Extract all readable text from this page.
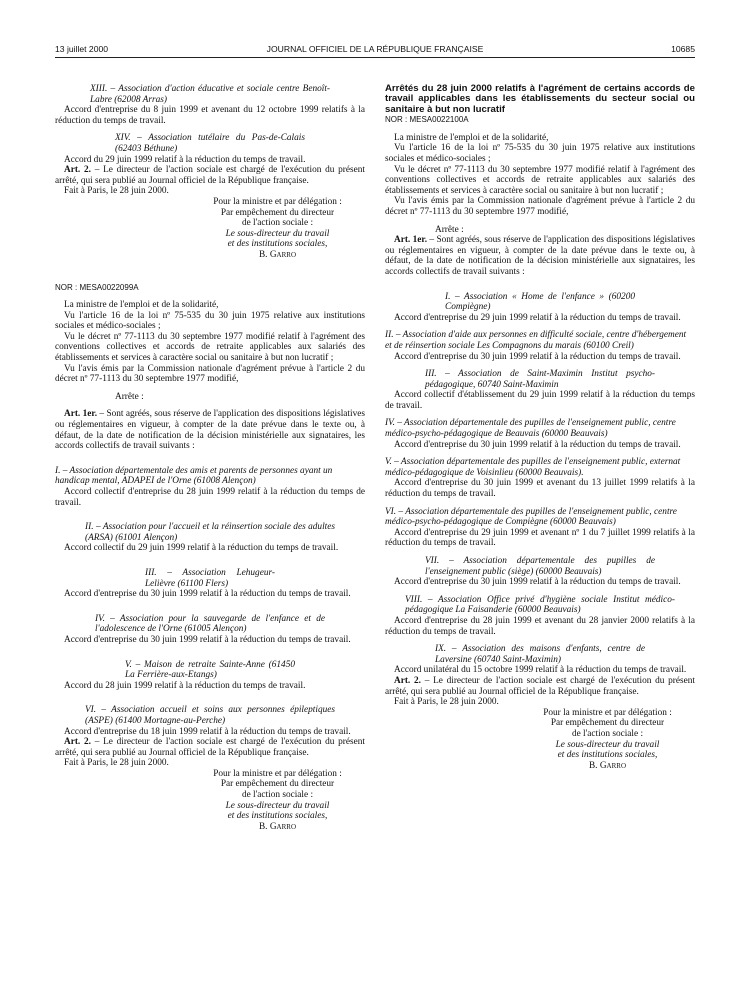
13 juillet 2000	JOURNAL OFFICIEL DE LA RÉPUBLIQUE FRANÇAISE	10685

XIII. – Association d'action éducative et sociale centre Benoît-Labre (62008 Arras)

Accord d'entreprise du 8 juin 1999 et avenant du 12 octobre 1999 relatifs à la réduction du temps de travail.

XIV. – Association tutélaire du Pas-de-Calais (62403 Béthune)

Accord du 29 juin 1999 relatif à la réduction du temps de travail.

Art. 2. – Le directeur de l'action sociale est chargé de l'exécution du présent arrêté, qui sera publié au Journal officiel de la République française.

Fait à Paris, le 28 juin 2000.

Pour la ministre et par délégation :
Par empêchement du directeur
de l'action sociale :
Le sous-directeur du travail
et des institutions sociales,
B. Garro

NOR : MESA0022099A

La ministre de l'emploi et de la solidarité,

Vu l'article 16 de la loi nº 75-535 du 30 juin 1975 relative aux institutions sociales et médico-sociales ;

Vu le décret nº 77-1113 du 30 septembre 1977 modifié relatif à l'agrément des conventions collectives et accords de retraite applicables aux salariés des établissements et services à caractère social ou sanitaire à but non lucratif ;

Vu l'avis émis par la Commission nationale d'agrément prévue à l'article 2 du décret nº 77-1113 du 30 septembre 1977 modifié,

Arrête :

Art. 1er. – Sont agréés, sous réserve de l'application des dispositions législatives ou réglementaires en vigueur, à compter de la date prévue dans le texte ou, à défaut, de la date de notification de la décision ministérielle aux signataires, les accords collectifs de travail suivants :

I. – Association départementale des amis et parents de personnes ayant un handicap mental, ADAPEI de l'Orne (61008 Alençon)

Accord collectif d'entreprise du 28 juin 1999 relatif à la réduction du temps de travail.

II. – Association pour l'accueil et la réinsertion sociale des adultes (ARSA) (61001 Alençon)

Accord collectif du 29 juin 1999 relatif à la réduction du temps de travail.

III. – Association Lehugeur-Lelièvre (61100 Flers)

Accord d'entreprise du 30 juin 1999 relatif à la réduction du temps de travail.

IV. – Association pour la sauvegarde de l'enfance et de l'adolescence de l'Orne (61005 Alençon)

Accord d'entreprise du 30 juin 1999 relatif à la réduction du temps de travail.

V. – Maison de retraite Sainte-Anne (61450 La Ferrière-aux-Etangs)

Accord du 28 juin 1999 relatif à la réduction du temps de travail.

VI. – Association accueil et soins aux personnes épileptiques (ASPE) (61400 Mortagne-au-Perche)

Accord d'entreprise du 18 juin 1999 relatif à la réduction du temps de travail.

Art. 2. – Le directeur de l'action sociale est chargé de l'exécution du présent arrêté, qui sera publié au Journal officiel de la République française.

Fait à Paris, le 28 juin 2000.

Pour la ministre et par délégation :
Par empêchement du directeur
de l'action sociale :
Le sous-directeur du travail
et des institutions sociales,
B. Garro

Arrêtés du 28 juin 2000 relatifs à l'agrément de certains accords de travail applicables dans les établissements du secteur social ou sanitaire à but non lucratif

NOR : MESA0022100A

La ministre de l'emploi et de la solidarité,

Vu l'article 16 de la loi nº 75-535 du 30 juin 1975 relative aux institutions sociales et médico-sociales ;

Vu le décret nº 77-1113 du 30 septembre 1977 modifié relatif à l'agrément des conventions collectives et accords de retraite applicables aux salariés des établissements et services à caractère social ou sanitaire à but non lucratif ;

Vu l'avis émis par la Commission nationale d'agrément prévue à l'article 2 du décret nº 77-1113 du 30 septembre 1977 modifié,

Arrête :

Art. 1er. – Sont agréés, sous réserve de l'application des dispositions législatives ou réglementaires en vigueur, à compter de la date prévue dans le texte ou, à défaut, de la date de notification de la décision ministérielle aux signataires, les accords collectifs de travail suivants :

I. – Association « Home de l'enfance » (60200 Compiègne)

Accord d'entreprise du 29 juin 1999 relatif à la réduction du temps de travail.

II. – Association d'aide aux personnes en difficulté sociale, centre d'hébergement et de réinsertion sociale Les Compagnons du marais (60100 Creil)

Accord d'entreprise du 30 juin 1999 relatif à la réduction du temps de travail.

III. – Association de Saint-Maximin Institut psycho-pédagogique, 60740 Saint-Maximin

Accord collectif d'établissement du 29 juin 1999 relatif à la réduction du temps de travail.

IV. – Association départementale des pupilles de l'enseignement public, centre médico-psycho-pédagogique de Beauvais (60000 Beauvais)

Accord d'entreprise du 30 juin 1999 relatif à la réduction du temps de travail.

V. – Association départementale des pupilles de l'enseignement public, externat médico-pédagogique de Voisinlieu (60000 Beauvais).

Accord d'entreprise du 30 juin 1999 et avenant du 13 juillet 1999 relatifs à la réduction du temps de travail.

VI. – Association départementale des pupilles de l'enseignement public, centre médico-psycho-pédagogique de Compiègne (60000 Beauvais)

Accord d'entreprise du 29 juin 1999 et avenant nº 1 du 7 juillet 1999 relatifs à la réduction du temps de travail.

VII. – Association départementale des pupilles de l'enseignement public (siège) (60000 Beauvais)

Accord d'entreprise du 30 juin 1999 relatif à la réduction du temps de travail.

VIII. – Association Office privé d'hygiène sociale Institut médico-pédagogique La Faisanderie (60000 Beauvais)

Accord d'entreprise du 28 juin 1999 et avenant du 28 janvier 2000 relatifs à la réduction du temps de travail.

IX. – Association des maisons d'enfants, centre de Laversine (60740 Saint-Maximin)

Accord unilatéral du 15 octobre 1999 relatif à la réduction du temps de travail.

Art. 2. – Le directeur de l'action sociale est chargé de l'exécution du présent arrêté, qui sera publié au Journal officiel de la République française.

Fait à Paris, le 28 juin 2000.

Pour la ministre et par délégation :
Par empêchement du directeur
de l'action sociale :
Le sous-directeur du travail
et des institutions sociales,
B. Garro
